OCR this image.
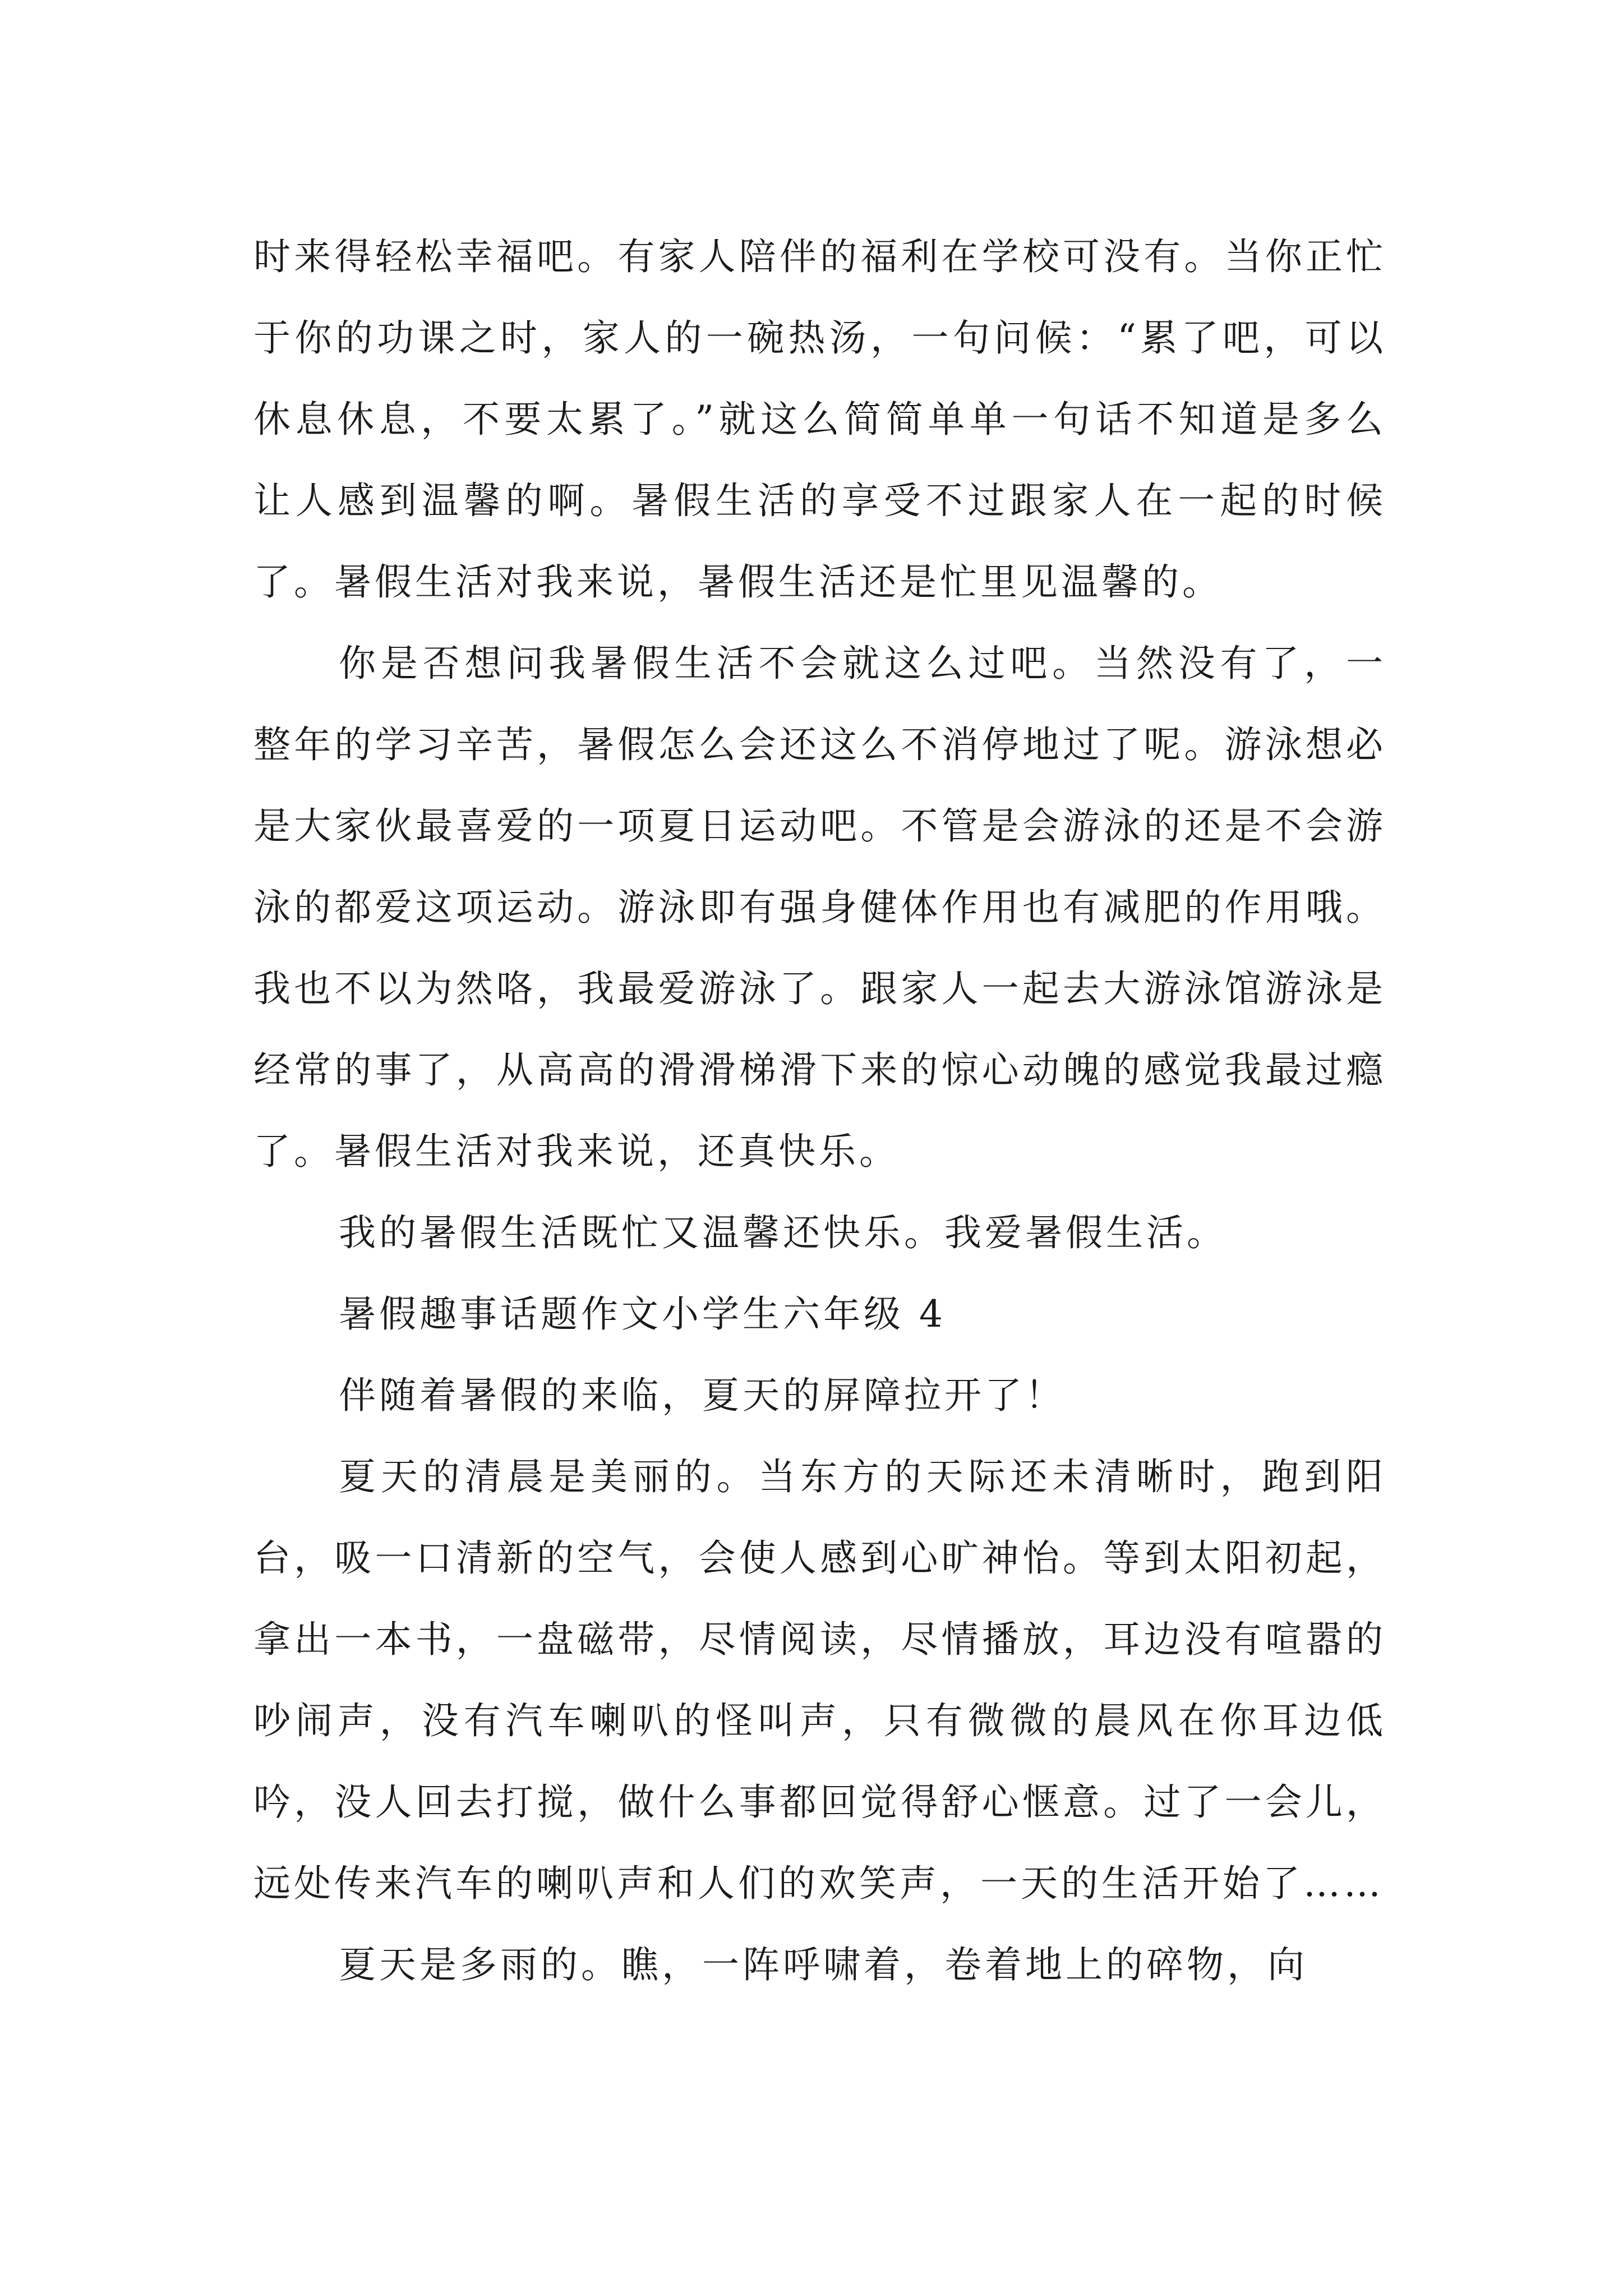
时来得轻松幸福吧。有家人陪伴的福利在学校可没有。当你正忙于你的功课之时，家人的一碗热汤，一句问候：“累了吧，可以休息休息，不要太累了。”就这么简简单单一句话不知道是多么让人感到温馨的啊。暑假生活的享受不过跟家人在一起的时候了。暑假生活对我来说，暑假生活还是忙里见温馨的。

你是否想问我暑假生活不会就这么过吧。当然没有了，一整年的学习辛苦，暑假怎么会还这么不消停地过了呢。游泳想必是大家伙最喜爱的一项夏日运动吧。不管是会游泳的还是不会游泳的都爱这项运动。游泳即有强身健体作用也有减肥的作用哦。我也不以为然咯，我最爱游泳了。跟家人一起去大游泳馆游泳是经常的事了，从高高的滑滑梯滑下来的惊心动魄的感觉我最过瘾了。暑假生活对我来说，还真快乐。

我的暑假生活既忙又温馨还快乐。我爱暑假生活。

暑假趣事话题作文小学生六年级 4

伴随着暑假的来临，夏天的屏障拉开了！

夏天的清晨是美丽的。当东方的天际还未清晰时，跑到阳台，吸一口清新的空气，会使人感到心旷神怡。等到太阳初起，拿出一本书，一盘磁带，尽情阅读，尽情播放，耳边没有喧嚣的吵闹声，没有汽车喇叭的怪叫声，只有微微的晨风在你耳边低吟，没人回去打搅，做什么事都回觉得舒心惬意。过了一会儿，远处传来汽车的喇叭声和人们的欢笑声，一天的生活开始了……

夏天是多雨的。瞧，一阵呼啸着，卷着地上的碎物，向
